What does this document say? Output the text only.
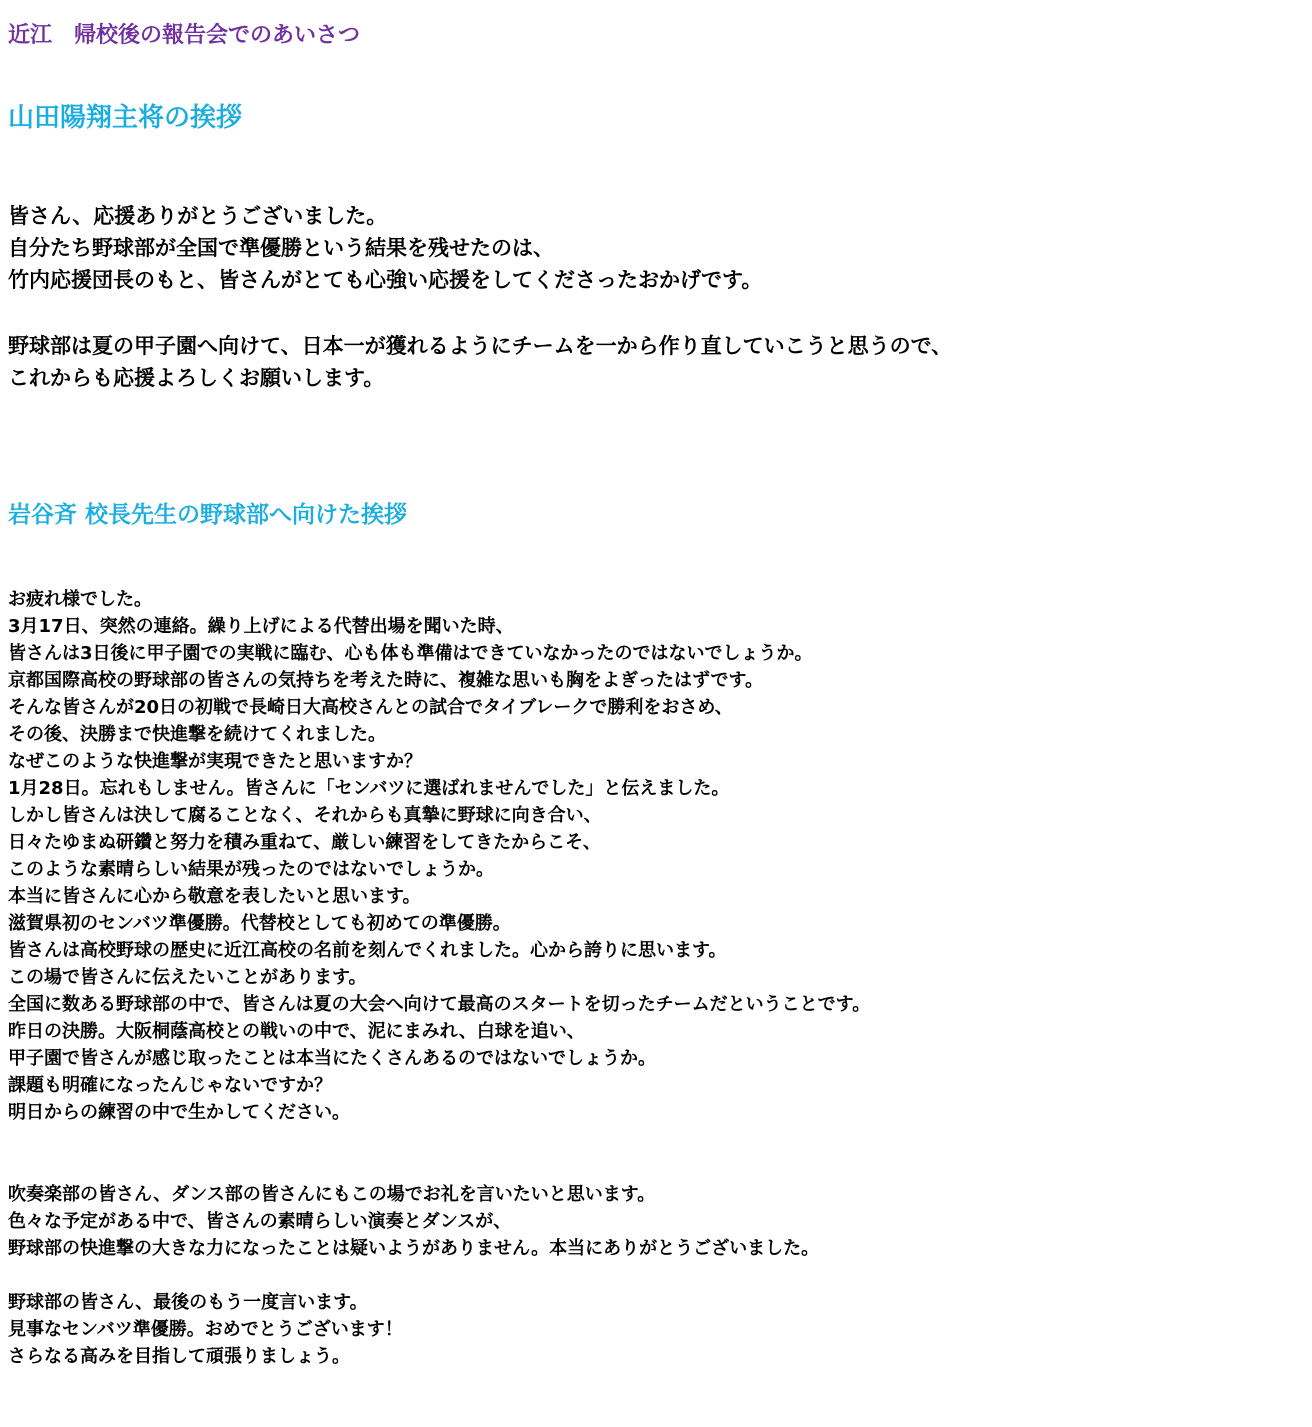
近江　帰校後の報告会でのあいさつ
山田陽翔主将の挨拶
皆さん、応援ありがとうございました。
自分たち野球部が全国で準優勝という結果を残せたのは、
竹内応援団長のもと、皆さんがとても心強い応援をしてくださったおかげです。
野球部は夏の甲子園へ向けて、日本一が獲れるようにチームを一から作り直していこうと思うので、
これからも応援よろしくお願いします。
岩谷斉 校長先生の野球部へ向けた挨拶
お疲れ様でした。
3月17日、突然の連絡。繰り上げによる代替出場を聞いた時、
皆さんは3日後に甲子園での実戦に臨む、心も体も準備はできていなかったのではないでしょうか。
京都国際高校の野球部の皆さんの気持ちを考えた時に、複雑な思いも胸をよぎったはずです。
そんな皆さんが20日の初戦で長崎日大高校さんとの試合でタイブレークで勝利をおさめ、
その後、決勝まで快進撃を続けてくれました。
なぜこのような快進撃が実現できたと思いますか？
1月28日。忘れもしません。皆さんに「センバツに選ばれませんでした」と伝えました。
しかし皆さんは決して腐ることなく、それからも真摯に野球に向き合い、
日々たゆまぬ研鑽と努力を積み重ねて、厳しい練習をしてきたからこそ、
このような素晴らしい結果が残ったのではないでしょうか。
本当に皆さんに心から敬意を表したいと思います。
滋賀県初のセンバツ準優勝。代替校としても初めての準優勝。
皆さんは高校野球の歴史に近江高校の名前を刻んでくれました。心から誇りに思います。
この場で皆さんに伝えたいことがあります。
全国に数ある野球部の中で、皆さんは夏の大会へ向けて最高のスタートを切ったチームだということです。
昨日の決勝。大阪桐蔭高校との戦いの中で、泥にまみれ、白球を追い、
甲子園で皆さんが感じ取ったことは本当にたくさんあるのではないでしょうか。
課題も明確になったんじゃないですか？
明日からの練習の中で生かしてください。
吹奏楽部の皆さん、ダンス部の皆さんにもこの場でお礼を言いたいと思います。
色々な予定がある中で、皆さんの素晴らしい演奏とダンスが、
野球部の快進撃の大きな力になったことは疑いようがありません。本当にありがとうございました。
野球部の皆さん、最後のもう一度言います。
見事なセンバツ準優勝。おめでとうございます！
さらなる高みを目指して頑張りましょう。
